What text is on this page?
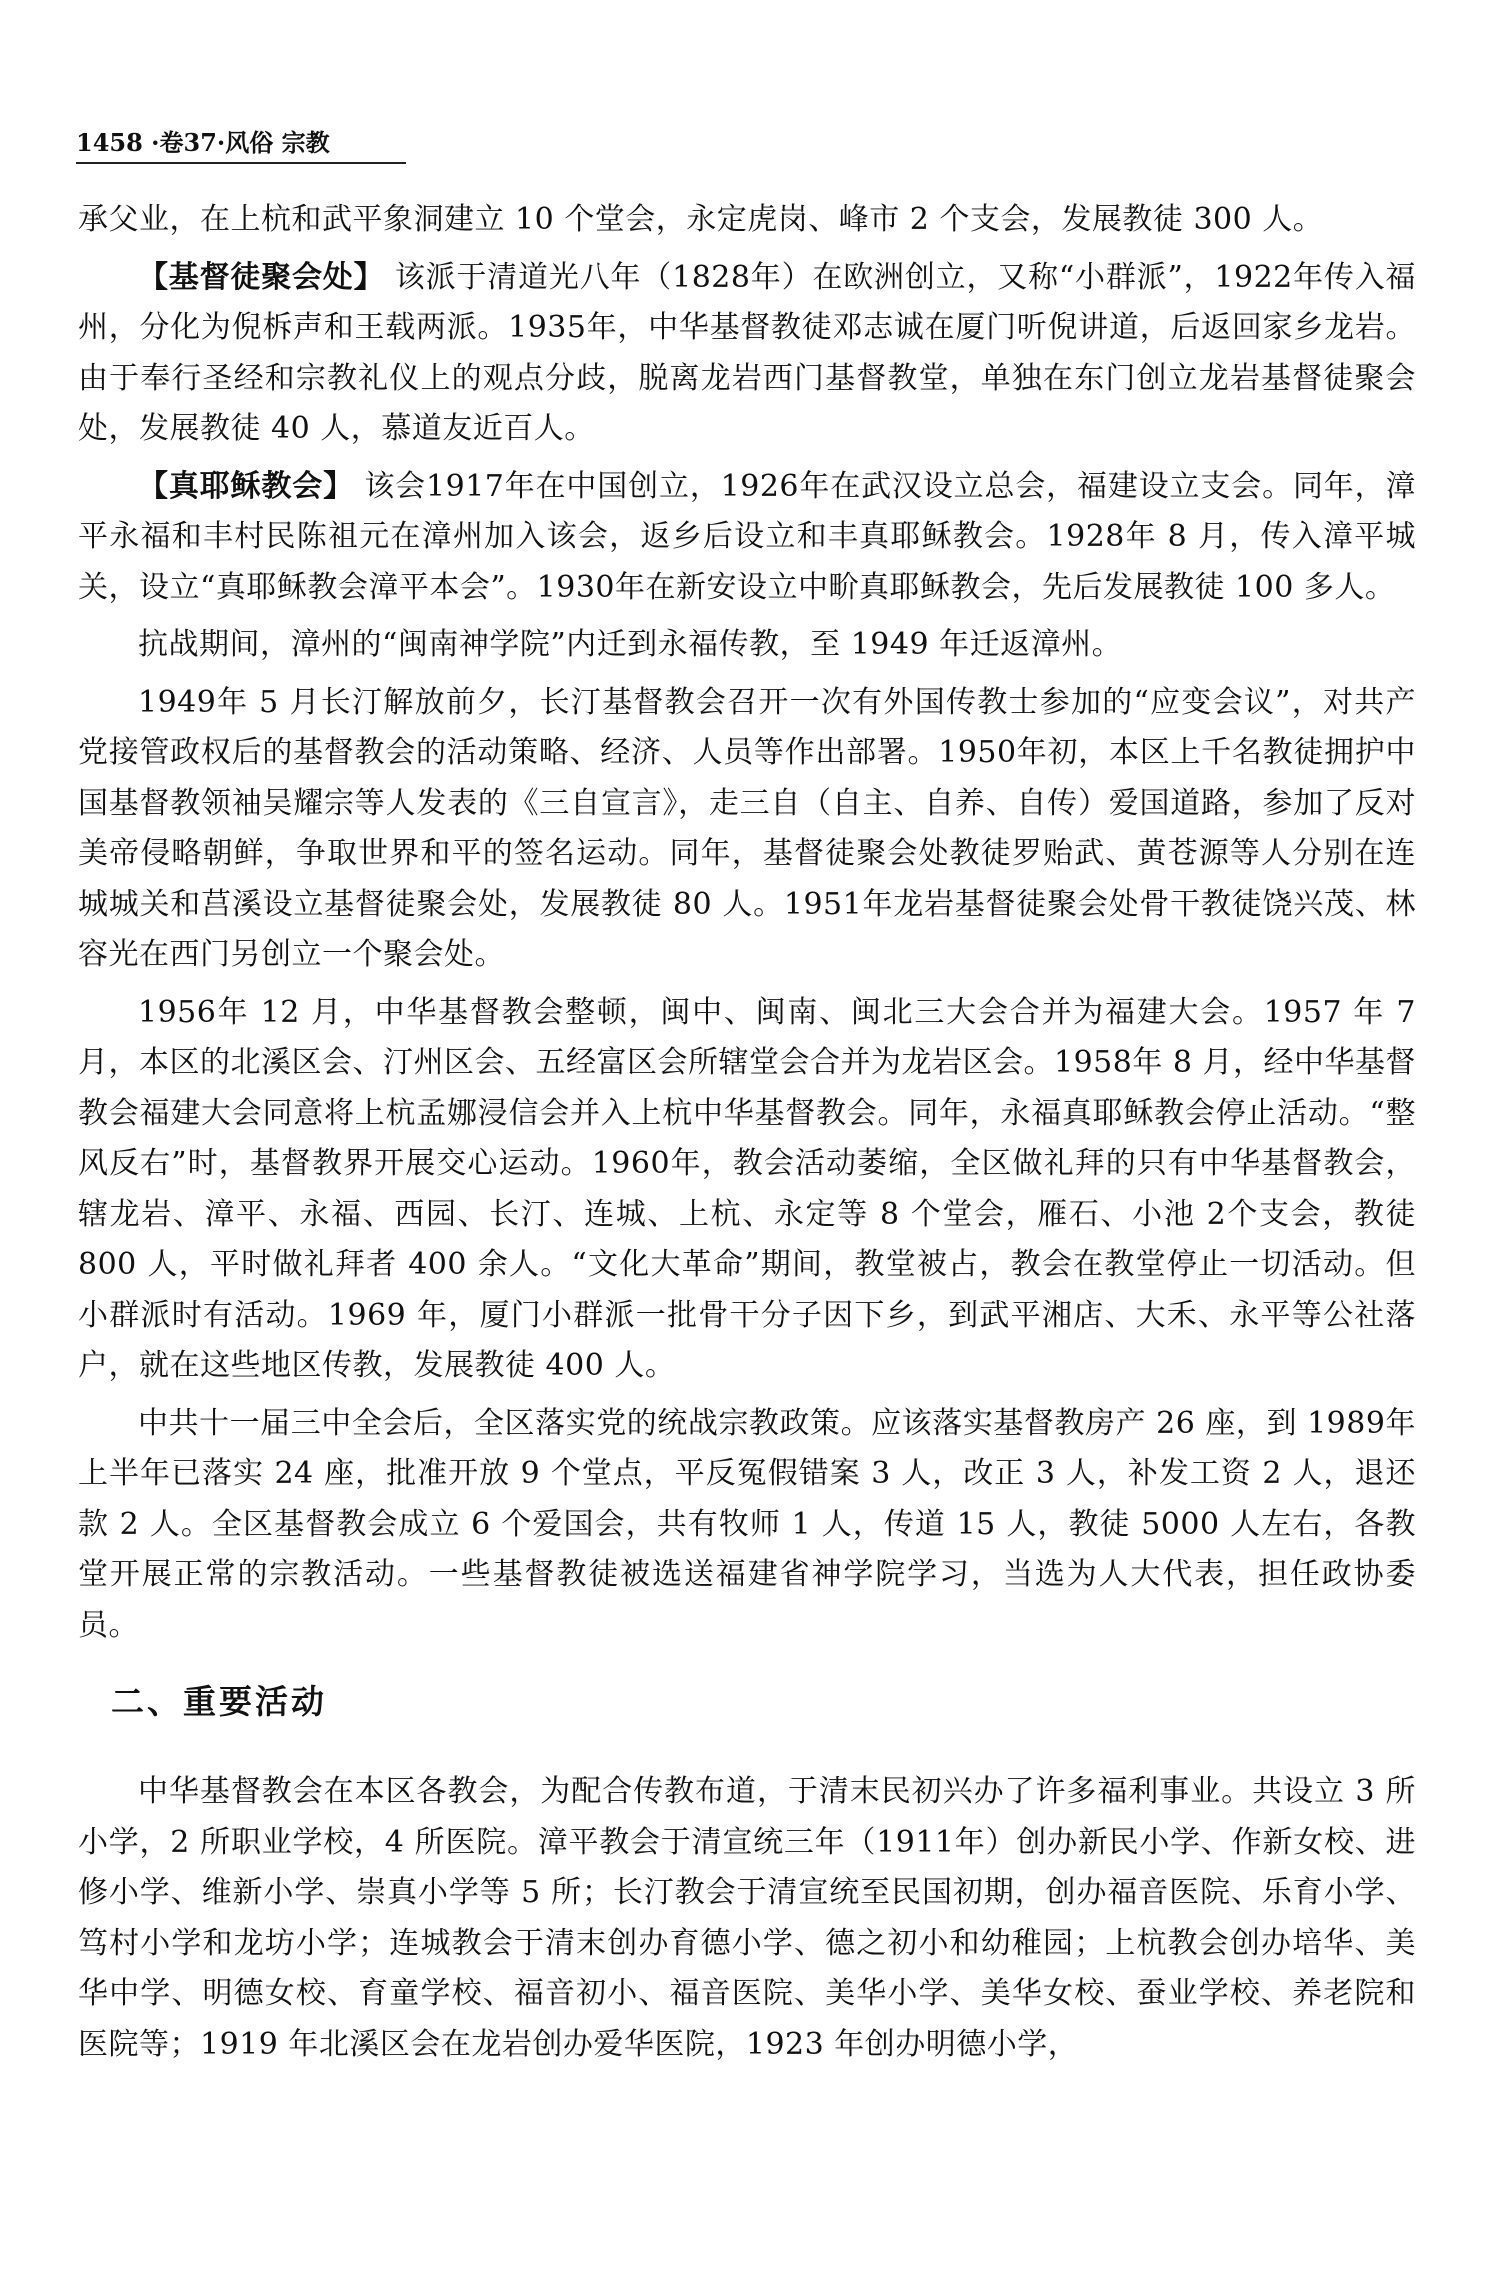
1458 ·卷37·风俗 宗教

承父业，在上杭和武平象洞建立 10 个堂会，永定虎岗、峰市 2 个支会，发展教徒 300 人。

【基督徒聚会处】 该派于清道光八年（1828年）在欧洲创立，又称“小群派”，1922年传入福州，分化为倪柝声和王载两派。1935年，中华基督教徒邓志诚在厦门听倪讲道，后返回家乡龙岩。由于奉行圣经和宗教礼仪上的观点分歧，脱离龙岩西门基督教堂，单独在东门创立龙岩基督徒聚会处，发展教徒 40 人，慕道友近百人。

【真耶稣教会】 该会1917年在中国创立，1926年在武汉设立总会，福建设立支会。同年，漳平永福和丰村民陈祖元在漳州加入该会，返乡后设立和丰真耶稣教会。1928年 8 月，传入漳平城关，设立“真耶稣教会漳平本会”。1930年在新安设立中畍真耶稣教会，先后发展教徒 100 多人。

抗战期间，漳州的“闽南神学院”内迁到永福传教，至 1949 年迁返漳州。

1949年 5 月长汀解放前夕，长汀基督教会召开一次有外国传教士参加的“应变会议”，对共产党接管政权后的基督教会的活动策略、经济、人员等作出部署。1950年初，本区上千名教徒拥护中国基督教领袖吴耀宗等人发表的《三自宣言》，走三自（自主、自养、自传）爱国道路，参加了反对美帝侵略朝鲜，争取世界和平的签名运动。同年，基督徒聚会处教徒罗贻武、黄苍源等人分别在连城城关和莒溪设立基督徒聚会处，发展教徒 80 人。1951年龙岩基督徒聚会处骨干教徒饶兴茂、林容光在西门另创立一个聚会处。

1956年 12 月，中华基督教会整顿，闽中、闽南、闽北三大会合并为福建大会。1957 年 7 月，本区的北溪区会、汀州区会、五经富区会所辖堂会合并为龙岩区会。1958年 8 月，经中华基督教会福建大会同意将上杭孟娜浸信会并入上杭中华基督教会。同年，永福真耶稣教会停止活动。“整风反右”时，基督教界开展交心运动。1960年，教会活动萎缩，全区做礼拜的只有中华基督教会，辖龙岩、漳平、永福、西园、长汀、连城、上杭、永定等 8 个堂会，雁石、小池 2个支会，教徒 800 人，平时做礼拜者 400 余人。“文化大革命”期间，教堂被占，教会在教堂停止一切活动。但小群派时有活动。1969 年，厦门小群派一批骨干分子因下乡，到武平湘店、大禾、永平等公社落户，就在这些地区传教，发展教徒 400 人。

中共十一届三中全会后，全区落实党的统战宗教政策。应该落实基督教房产 26 座，到 1989年上半年已落实 24 座，批准开放 9 个堂点，平反冤假错案 3 人，改正 3 人，补发工资 2 人，退还款 2 人。全区基督教会成立 6 个爱国会，共有牧师 1 人，传道 15 人，教徒 5000 人左右，各教堂开展正常的宗教活动。一些基督教徒被选送福建省神学院学习，当选为人大代表，担任政协委员。

二、重要活动

中华基督教会在本区各教会，为配合传教布道，于清末民初兴办了许多福利事业。共设立 3 所小学，2 所职业学校，4 所医院。漳平教会于清宣统三年（1911年）创办新民小学、作新女校、进修小学、维新小学、崇真小学等 5 所；长汀教会于清宣统至民国初期，创办福音医院、乐育小学、笃村小学和龙坊小学；连城教会于清末创办育德小学、德之初小和幼稚园；上杭教会创办培华、美华中学、明德女校、育童学校、福音初小、福音医院、美华小学、美华女校、蚕业学校、养老院和医院等；1919 年北溪区会在龙岩创办爱华医院，1923 年创办明德小学，
